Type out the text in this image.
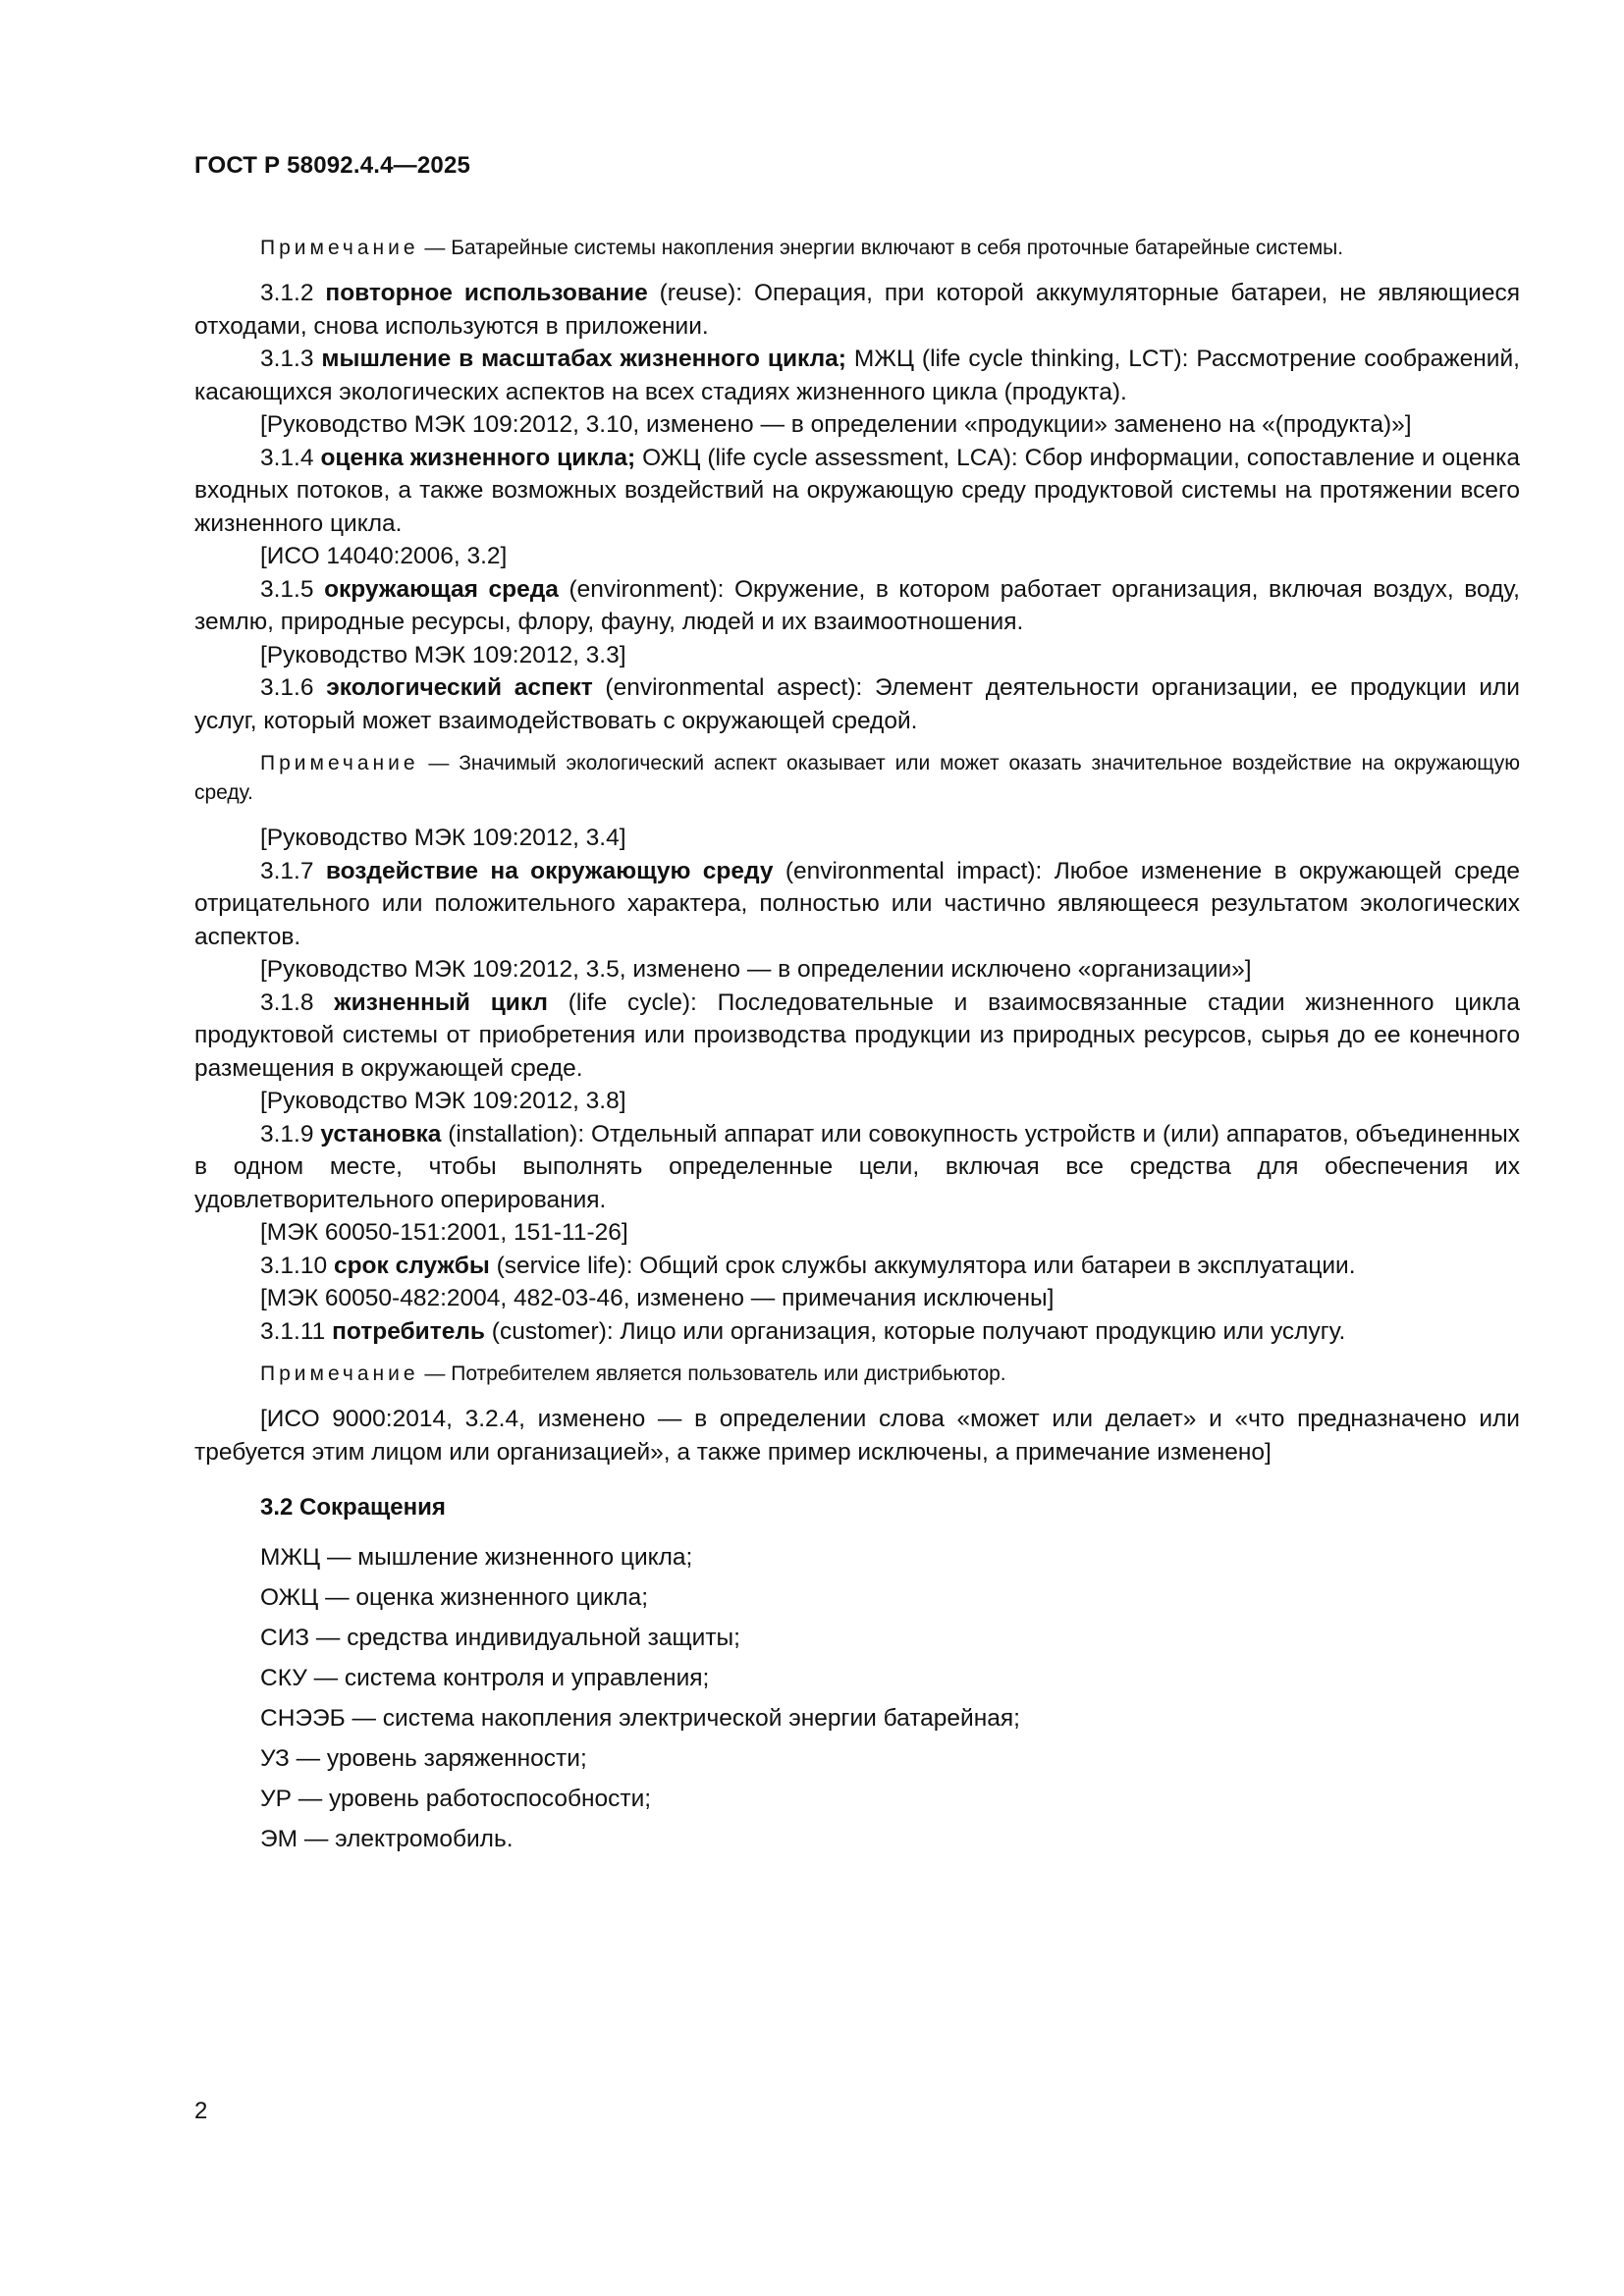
ГОСТ Р 58092.4.4—2025

Примечание — Батарейные системы накопления энергии включают в себя проточные батарейные системы.

3.1.2 повторное использование (reuse): Операция, при которой аккумуляторные батареи, не являющиеся отходами, снова используются в приложении.

3.1.3 мышление в масштабах жизненного цикла; МЖЦ (life cycle thinking, LCT): Рассмотрение соображений, касающихся экологических аспектов на всех стадиях жизненного цикла (продукта).

[Руководство МЭК 109:2012, 3.10, изменено — в определении «продукции» заменено на «(продукта)»]

3.1.4 оценка жизненного цикла; ОЖЦ (life cycle assessment, LCA): Сбор информации, сопоставление и оценка входных потоков, а также возможных воздействий на окружающую среду продуктовой системы на протяжении всего жизненного цикла.

[ИСО 14040:2006, 3.2]

3.1.5 окружающая среда (environment): Окружение, в котором работает организация, включая воздух, воду, землю, природные ресурсы, флору, фауну, людей и их взаимоотношения.

[Руководство МЭК 109:2012, 3.3]

3.1.6 экологический аспект (environmental aspect): Элемент деятельности организации, ее продукции или услуг, который может взаимодействовать с окружающей средой.

Примечание — Значимый экологический аспект оказывает или может оказать значительное воздействие на окружающую среду.

[Руководство МЭК 109:2012, 3.4]

3.1.7 воздействие на окружающую среду (environmental impact): Любое изменение в окружающей среде отрицательного или положительного характера, полностью или частично являющееся результатом экологических аспектов.

[Руководство МЭК 109:2012, 3.5, изменено — в определении исключено «организации»]

3.1.8 жизненный цикл (life cycle): Последовательные и взаимосвязанные стадии жизненного цикла продуктовой системы от приобретения или производства продукции из природных ресурсов, сырья до ее конечного размещения в окружающей среде.

[Руководство МЭК 109:2012, 3.8]

3.1.9 установка (installation): Отдельный аппарат или совокупность устройств и (или) аппаратов, объединенных в одном месте, чтобы выполнять определенные цели, включая все средства для обеспечения их удовлетворительного оперирования.

[МЭК 60050-151:2001, 151-11-26]

3.1.10 срок службы (service life): Общий срок службы аккумулятора или батареи в эксплуатации.

[МЭК 60050-482:2004, 482-03-46, изменено — примечания исключены]

3.1.11 потребитель (customer): Лицо или организация, которые получают продукцию или услугу.

Примечание — Потребителем является пользователь или дистрибьютор.

[ИСО 9000:2014, 3.2.4, изменено — в определении слова «может или делает» и «что предназначено или требуется этим лицом или организацией», а также пример исключены, а примечание изменено]

3.2 Сокращения
МЖЦ — мышление жизненного цикла;
ОЖЦ — оценка жизненного цикла;
СИЗ — средства индивидуальной защиты;
СКУ — система контроля и управления;
СНЭЭБ — система накопления электрической энергии батарейная;
УЗ — уровень заряженности;
УР — уровень работоспособности;
ЭМ — электромобиль.
2
